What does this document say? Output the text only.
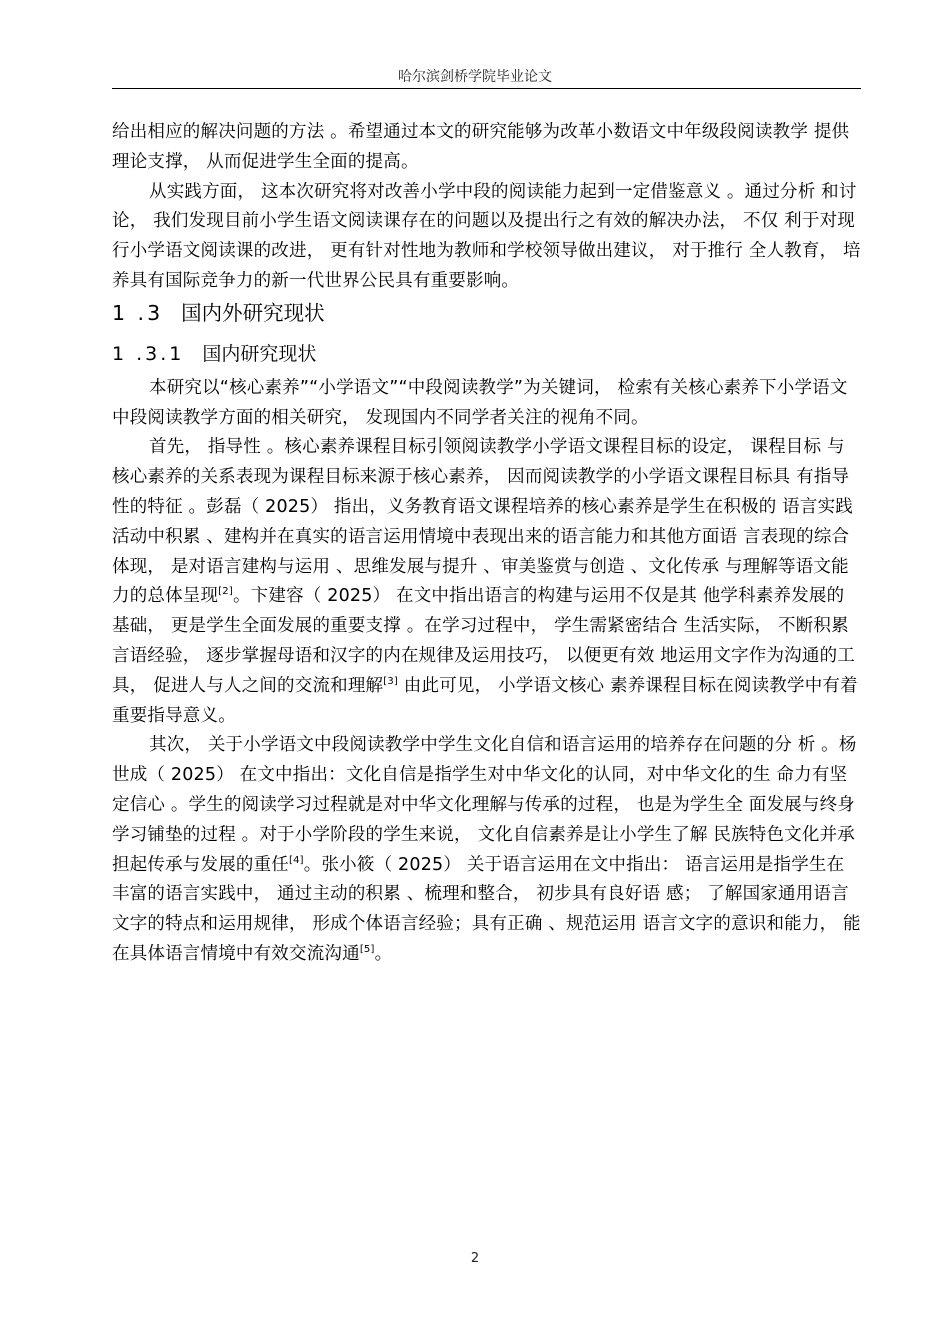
哈尔滨剑桥学院毕业论文

给出相应的解决问题的方法 。希望通过本文的研究能够为改革小数语文中年级段阅读教学 提供理论支撑， 从而促进学生全面的提高。

从实践方面， 这本次研究将对改善小学中段的阅读能力起到一定借鉴意义 。通过分析 和讨论， 我们发现目前小学生语文阅读课存在的问题以及提出行之有效的解决办法， 不仅 利于对现行小学语文阅读课的改进， 更有针对性地为教师和学校领导做出建议， 对于推行 全人教育， 培养具有国际竞争力的新一代世界公民具有重要影响。

1 .3 国内外研究现状
1 .3.1 国内研究现状

本研究以“核心素养”“小学语文”“中段阅读教学”为关键词， 检索有关核心素养下小学语文中段阅读教学方面的相关研究， 发现国内不同学者关注的视角不同。

首先， 指导性 。核心素养课程目标引领阅读教学小学语文课程目标的设定， 课程目标 与核心素养的关系表现为课程目标来源于核心素养， 因而阅读教学的小学语文课程目标具 有指导性的特征 。彭磊（ 2025） 指出，义务教育语文课程培养的核心素养是学生在积极的 语言实践活动中积累 、建构并在真实的语言运用情境中表现出来的语言能力和其他方面语 言表现的综合体现， 是对语言建构与运用 、思维发展与提升 、审美鉴赏与创造 、文化传承 与理解等语文能力的总体呈现[2]。卞建容（ 2025） 在文中指出语言的构建与运用不仅是其 他学科素养发展的基础， 更是学生全面发展的重要支撑 。在学习过程中， 学生需紧密结合 生活实际， 不断积累言语经验， 逐步掌握母语和汉字的内在规律及运用技巧， 以便更有效 地运用文字作为沟通的工具， 促进人与人之间的交流和理解[3] 由此可见， 小学语文核心 素养课程目标在阅读教学中有着重要指导意义。

其次， 关于小学语文中段阅读教学中学生文化自信和语言运用的培养存在问题的分 析 。杨世成（ 2025） 在文中指出：文化自信是指学生对中华文化的认同，对中华文化的生 命力有坚定信心 。学生的阅读学习过程就是对中华文化理解与传承的过程， 也是为学生全 面发展与终身学习铺垫的过程 。对于小学阶段的学生来说， 文化自信素养是让小学生了解 民族特色文化并承担起传承与发展的重任[4]。张小筱（ 2025） 关于语言运用在文中指出： 语言运用是指学生在丰富的语言实践中， 通过主动的积累 、梳理和整合， 初步具有良好语 感； 了解国家通用语言文字的特点和运用规律， 形成个体语言经验；具有正确 、规范运用 语言文字的意识和能力， 能在具体语言情境中有效交流沟通[5]。

2
